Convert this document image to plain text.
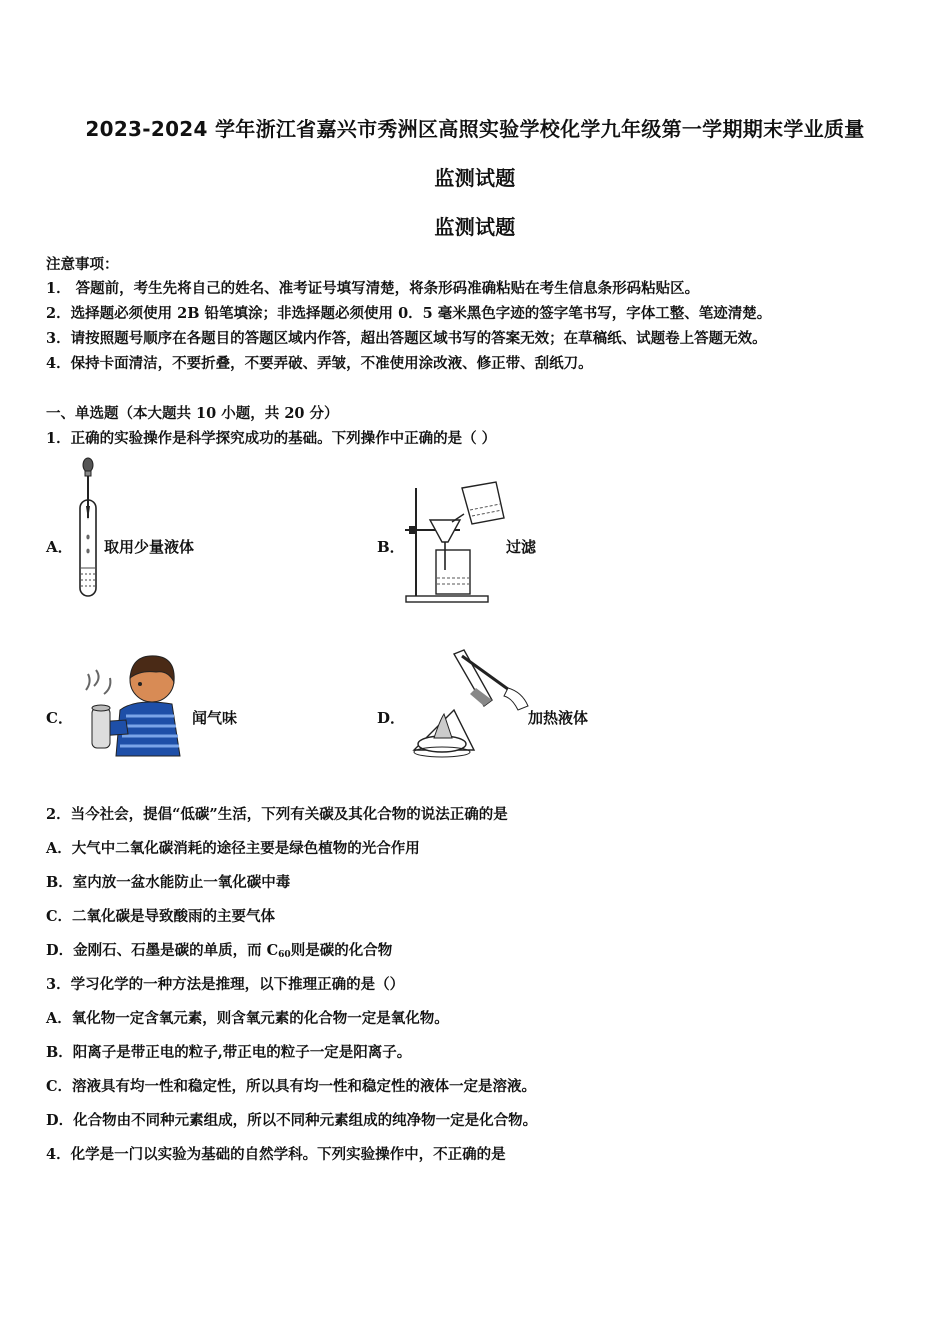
2023-2024 学年浙江省嘉兴市秀洲区高照实验学校化学九年级第一学期期末学业质量
监测试题
监测试题
注意事项：
1． 答题前，考生先将自己的姓名、准考证号填写清楚，将条形码准确粘贴在考生信息条形码粘贴区。
2．选择题必须使用 2B 铅笔填涂；非选择题必须使用 0．5 毫米黑色字迹的签字笔书写，字体工整、笔迹清楚。
3．请按照题号顺序在各题目的答题区域内作答，超出答题区域书写的答案无效；在草稿纸、试题卷上答题无效。
4．保持卡面清洁，不要折叠，不要弄破、弄皱，不准使用涂改液、修正带、刮纸刀。
一、单选题（本大题共 10 小题，共 20 分）
1．正确的实验操作是科学探究成功的基础。下列操作中正确的是（ ）
A． 取用少量液体	B．	过滤
C．	闻气味	D．	加热液体
2．当今社会，提倡“低碳”生活，下列有关碳及其化合物的说法正确的是
A．大气中二氧化碳消耗的途径主要是绿色植物的光合作用
B．室内放一盆水能防止一氧化碳中毒
C．二氧化碳是导致酸雨的主要气体
D．金刚石、石墨是碳的单质，而 $C_{60}$则是碳的化合物
3．学习化学的一种方法是推理，以下推理正确的是（）
A．氧化物一定含氧元素，则含氧元素的化合物一定是氧化物。
B．阳离子是带正电的粒子,带正电的粒子一定是阳离子。
C．溶液具有均一性和稳定性，所以具有均一性和稳定性的液体一定是溶液。
D．化合物由不同种元素组成，所以不同种元素组成的纯净物一定是化合物。
4．化学是一门以实验为基础的自然学科。下列实验操作中，不正确的是
